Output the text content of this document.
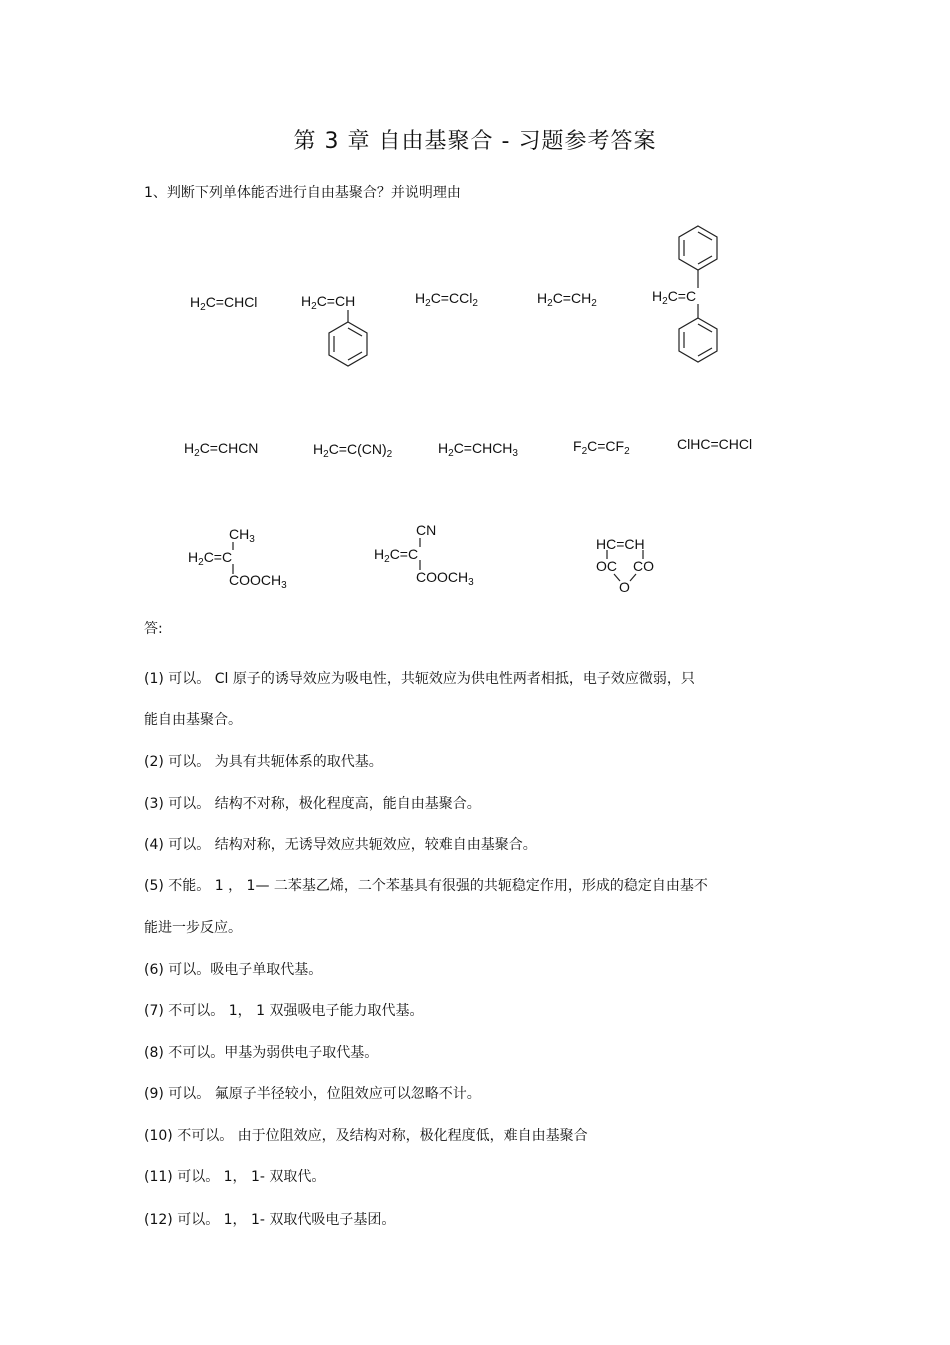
第 3 章 自由基聚合 - 习题参考答案
1、判断下列单体能否进行自由基聚合？并说明理由
$H_2C=CHCl$	$H_2C=CH$	$H_2C=CCl_2$	$H_2C=CH_2$	$H_2C=C$
$H_2C=CHCN$	$H_2C=C(CN)_2$	$H_2C=CHCH_3$	$F_2C=CF_2$	ClHC=CHCl
$CH_3$
$H_2C=C$
$COOCH_3$
CN
$H_2C=C$
$COOCH_3$
HC=CH
OC CO
O
答:
(1) 可以。 Cl 原子的诱导效应为吸电性，共轭效应为供电性两者相抵，电子效应微弱，只
能自由基聚合。
(2) 可以。 为具有共轭体系的取代基。
(3) 可以。 结构不对称，极化程度高，能自由基聚合。
(4) 可以。 结构对称，无诱导效应共轭效应，较难自由基聚合。
(5) 不能。 1 ， 1— 二苯基乙烯，二个苯基具有很强的共轭稳定作用，形成的稳定自由基不
能进一步反应。
(6) 可以。吸电子单取代基。
(7) 不可以。 1， 1 双强吸电子能力取代基。
(8) 不可以。甲基为弱供电子取代基。
(9) 可以。 氟原子半径较小，位阻效应可以忽略不计。
(10) 不可以。 由于位阻效应，及结构对称，极化程度低，难自由基聚合
(11) 可以。 1， 1- 双取代。
(12) 可以。 1， 1- 双取代吸电子基团。
